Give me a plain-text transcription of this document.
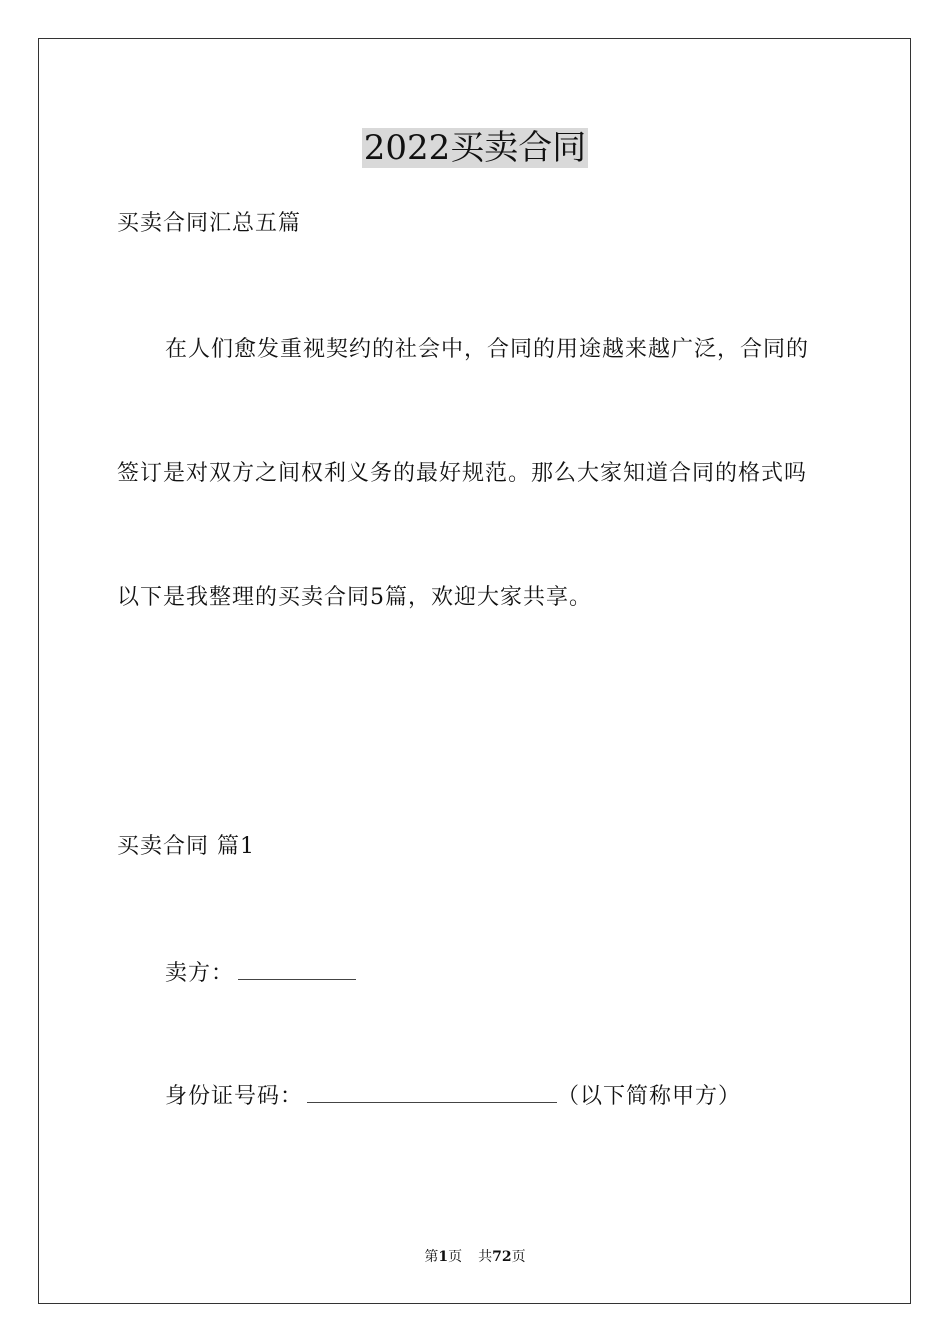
2022买卖合同
买卖合同汇总五篇
在人们愈发重视契约的社会中，合同的用途越来越广泛，合同的
签订是对双方之间权利义务的最好规范。那么大家知道合同的格式吗
以下是我整理的买卖合同5篇，欢迎大家共享。
买卖合同 篇1
卖方：
身份证号码：	（以下简称甲方）
第1页 共72页
